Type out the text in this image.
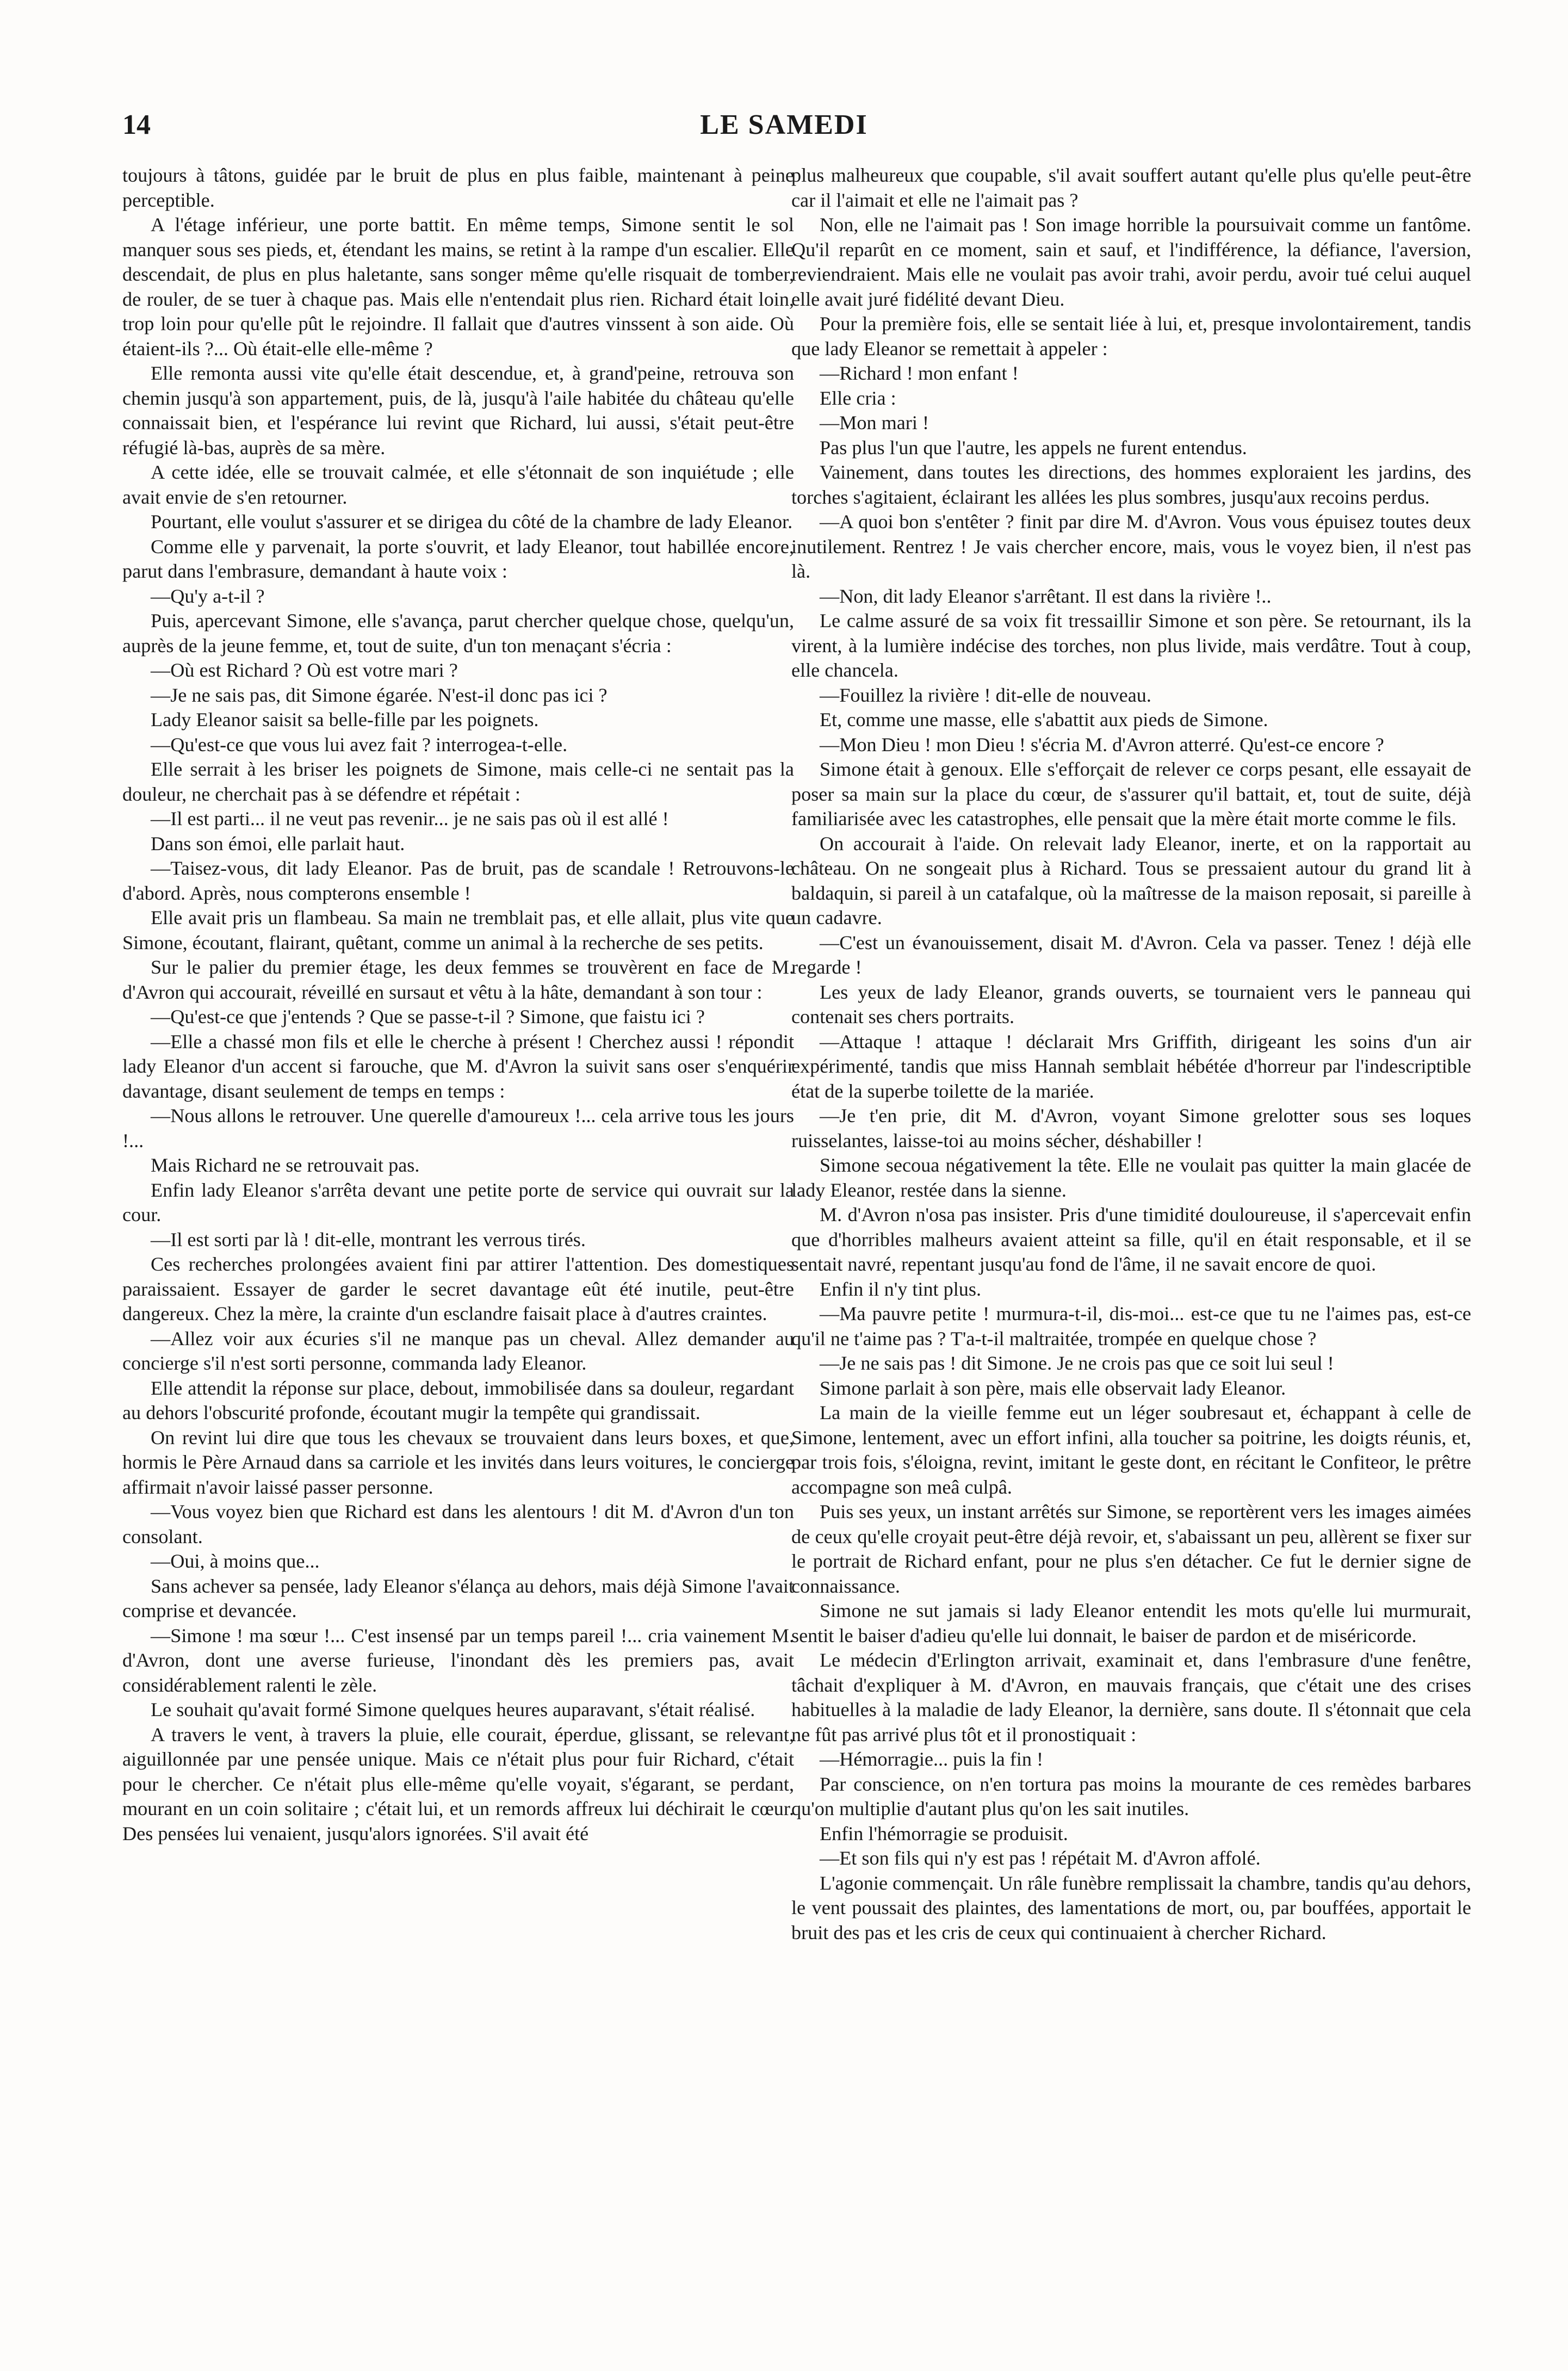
14	LE SAMEDI

toujours à tâtons, guidée par le bruit de plus en plus faible, maintenant à peine perceptible.

A l'étage inférieur, une porte battit. En même temps, Simone sentit le sol manquer sous ses pieds, et, étendant les mains, se retint à la rampe d'un escalier. Elle descendait, de plus en plus haletante, sans songer même qu'elle risquait de tomber, de rouler, de se tuer à chaque pas. Mais elle n'entendait plus rien. Richard était loin, trop loin pour qu'elle pût le rejoindre. Il fallait que d'autres vinssent à son aide. Où étaient-ils ?... Où était-elle elle-même ?

Elle remonta aussi vite qu'elle était descendue, et, à grand'peine, retrouva son chemin jusqu'à son appartement, puis, de là, jusqu'à l'aile habitée du château qu'elle connaissait bien, et l'espérance lui revint que Richard, lui aussi, s'était peut-être réfugié là-bas, auprès de sa mère.

A cette idée, elle se trouvait calmée, et elle s'étonnait de son inquiétude ; elle avait envie de s'en retourner.

Pourtant, elle voulut s'assurer et se dirigea du côté de la chambre de lady Eleanor.

Comme elle y parvenait, la porte s'ouvrit, et lady Eleanor, tout habillée encore, parut dans l'embrasure, demandant à haute voix :

—Qu'y a-t-il ?

Puis, apercevant Simone, elle s'avança, parut chercher quelque chose, quelqu'un, auprès de la jeune femme, et, tout de suite, d'un ton menaçant s'écria :

—Où est Richard ? Où est votre mari ?

—Je ne sais pas, dit Simone égarée. N'est-il donc pas ici ?

Lady Eleanor saisit sa belle-fille par les poignets.

—Qu'est-ce que vous lui avez fait ? interrogea-t-elle.

Elle serrait à les briser les poignets de Simone, mais celle-ci ne sentait pas la douleur, ne cherchait pas à se défendre et répétait :

—Il est parti... il ne veut pas revenir... je ne sais pas où il est allé !

Dans son émoi, elle parlait haut.

—Taisez-vous, dit lady Eleanor. Pas de bruit, pas de scandale ! Retrouvons-le d'abord. Après, nous compterons ensemble !

Elle avait pris un flambeau. Sa main ne tremblait pas, et elle allait, plus vite que Simone, écoutant, flairant, quêtant, comme un animal à la recherche de ses petits.

Sur le palier du premier étage, les deux femmes se trouvèrent en face de M. d'Avron qui accourait, réveillé en sursaut et vêtu à la hâte, demandant à son tour :

—Qu'est-ce que j'entends ? Que se passe-t-il ? Simone, que faistu ici ?

—Elle a chassé mon fils et elle le cherche à présent ! Cherchez aussi ! répondit lady Eleanor d'un accent si farouche, que M. d'Avron la suivit sans oser s'enquérir davantage, disant seulement de temps en temps :

—Nous allons le retrouver. Une querelle d'amoureux !... cela arrive tous les jours !...

Mais Richard ne se retrouvait pas.

Enfin lady Eleanor s'arrêta devant une petite porte de service qui ouvrait sur la cour.

—Il est sorti par là ! dit-elle, montrant les verrous tirés.

Ces recherches prolongées avaient fini par attirer l'attention. Des domestiques paraissaient. Essayer de garder le secret davantage eût été inutile, peut-être dangereux. Chez la mère, la crainte d'un esclandre faisait place à d'autres craintes.

—Allez voir aux écuries s'il ne manque pas un cheval. Allez demander au concierge s'il n'est sorti personne, commanda lady Eleanor.

Elle attendit la réponse sur place, debout, immobilisée dans sa douleur, regardant au dehors l'obscurité profonde, écoutant mugir la tempête qui grandissait.

On revint lui dire que tous les chevaux se trouvaient dans leurs boxes, et que, hormis le Père Arnaud dans sa carriole et les invités dans leurs voitures, le concierge affirmait n'avoir laissé passer personne.

—Vous voyez bien que Richard est dans les alentours ! dit M. d'Avron d'un ton consolant.

—Oui, à moins que...

Sans achever sa pensée, lady Eleanor s'élança au dehors, mais déjà Simone l'avait comprise et devancée.

—Simone ! ma sœur !... C'est insensé par un temps pareil !... cria vainement M. d'Avron, dont une averse furieuse, l'inondant dès les premiers pas, avait considérablement ralenti le zèle.

Le souhait qu'avait formé Simone quelques heures auparavant, s'était réalisé.

A travers le vent, à travers la pluie, elle courait, éperdue, glissant, se relevant, aiguillonnée par une pensée unique. Mais ce n'était plus pour fuir Richard, c'était pour le chercher. Ce n'était plus elle-même qu'elle voyait, s'égarant, se perdant, mourant en un coin solitaire ; c'était lui, et un remords affreux lui déchirait le cœur. Des pensées lui venaient, jusqu'alors ignorées. S'il avait été

plus malheureux que coupable, s'il avait souffert autant qu'elle plus qu'elle peut-être car il l'aimait et elle ne l'aimait pas ?

Non, elle ne l'aimait pas ! Son image horrible la poursuivait comme un fantôme. Qu'il reparût en ce moment, sain et sauf, et l'indifférence, la défiance, l'aversion, reviendraient. Mais elle ne voulait pas avoir trahi, avoir perdu, avoir tué celui auquel elle avait juré fidélité devant Dieu.

Pour la première fois, elle se sentait liée à lui, et, presque involontairement, tandis que lady Eleanor se remettait à appeler :

—Richard ! mon enfant !

Elle cria :

—Mon mari !

Pas plus l'un que l'autre, les appels ne furent entendus.

Vainement, dans toutes les directions, des hommes exploraient les jardins, des torches s'agitaient, éclairant les allées les plus sombres, jusqu'aux recoins perdus.

—A quoi bon s'entêter ? finit par dire M. d'Avron. Vous vous épuisez toutes deux inutilement. Rentrez ! Je vais chercher encore, mais, vous le voyez bien, il n'est pas là.

—Non, dit lady Eleanor s'arrêtant. Il est dans la rivière !..

Le calme assuré de sa voix fit tressaillir Simone et son père. Se retournant, ils la virent, à la lumière indécise des torches, non plus livide, mais verdâtre. Tout à coup, elle chancela.

—Fouillez la rivière ! dit-elle de nouveau.

Et, comme une masse, elle s'abattit aux pieds de Simone.

—Mon Dieu ! mon Dieu ! s'écria M. d'Avron atterré. Qu'est-ce encore ?

Simone était à genoux. Elle s'efforçait de relever ce corps pesant, elle essayait de poser sa main sur la place du cœur, de s'assurer qu'il battait, et, tout de suite, déjà familiarisée avec les catastrophes, elle pensait que la mère était morte comme le fils.

On accourait à l'aide. On relevait lady Eleanor, inerte, et on la rapportait au château. On ne songeait plus à Richard. Tous se pressaient autour du grand lit à baldaquin, si pareil à un catafalque, où la maîtresse de la maison reposait, si pareille à un cadavre.

—C'est un évanouissement, disait M. d'Avron. Cela va passer. Tenez ! déjà elle regarde !

Les yeux de lady Eleanor, grands ouverts, se tournaient vers le panneau qui contenait ses chers portraits.

—Attaque ! attaque ! déclarait Mrs Griffith, dirigeant les soins d'un air expérimenté, tandis que miss Hannah semblait hébétée d'horreur par l'indescriptible état de la superbe toilette de la mariée.

—Je t'en prie, dit M. d'Avron, voyant Simone grelotter sous ses loques ruisselantes, laisse-toi au moins sécher, déshabiller !

Simone secoua négativement la tête. Elle ne voulait pas quitter la main glacée de lady Eleanor, restée dans la sienne.

M. d'Avron n'osa pas insister. Pris d'une timidité douloureuse, il s'apercevait enfin que d'horribles malheurs avaient atteint sa fille, qu'il en était responsable, et il se sentait navré, repentant jusqu'au fond de l'âme, il ne savait encore de quoi.

Enfin il n'y tint plus.

—Ma pauvre petite ! murmura-t-il, dis-moi... est-ce que tu ne l'aimes pas, est-ce qu'il ne t'aime pas ? T'a-t-il maltraitée, trompée en quelque chose ?

—Je ne sais pas ! dit Simone. Je ne crois pas que ce soit lui seul !

Simone parlait à son père, mais elle observait lady Eleanor.

La main de la vieille femme eut un léger soubresaut et, échappant à celle de Simone, lentement, avec un effort infini, alla toucher sa poitrine, les doigts réunis, et, par trois fois, s'éloigna, revint, imitant le geste dont, en récitant le Confiteor, le prêtre accompagne son meâ culpâ.

Puis ses yeux, un instant arrêtés sur Simone, se reportèrent vers les images aimées de ceux qu'elle croyait peut-être déjà revoir, et, s'abaissant un peu, allèrent se fixer sur le portrait de Richard enfant, pour ne plus s'en détacher. Ce fut le dernier signe de connaissance.

Simone ne sut jamais si lady Eleanor entendit les mots qu'elle lui murmurait, sentit le baiser d'adieu qu'elle lui donnait, le baiser de pardon et de miséricorde.

Le médecin d'Erlington arrivait, examinait et, dans l'embrasure d'une fenêtre, tâchait d'expliquer à M. d'Avron, en mauvais français, que c'était une des crises habituelles à la maladie de lady Eleanor, la dernière, sans doute. Il s'étonnait que cela ne fût pas arrivé plus tôt et il pronostiquait :

—Hémorragie... puis la fin !

Par conscience, on n'en tortura pas moins la mourante de ces remèdes barbares qu'on multiplie d'autant plus qu'on les sait inutiles.

Enfin l'hémorragie se produisit.

—Et son fils qui n'y est pas ! répétait M. d'Avron affolé.

L'agonie commençait. Un râle funèbre remplissait la chambre, tandis qu'au dehors, le vent poussait des plaintes, des lamentations de mort, ou, par bouffées, apportait le bruit des pas et les cris de ceux qui continuaient à chercher Richard.
